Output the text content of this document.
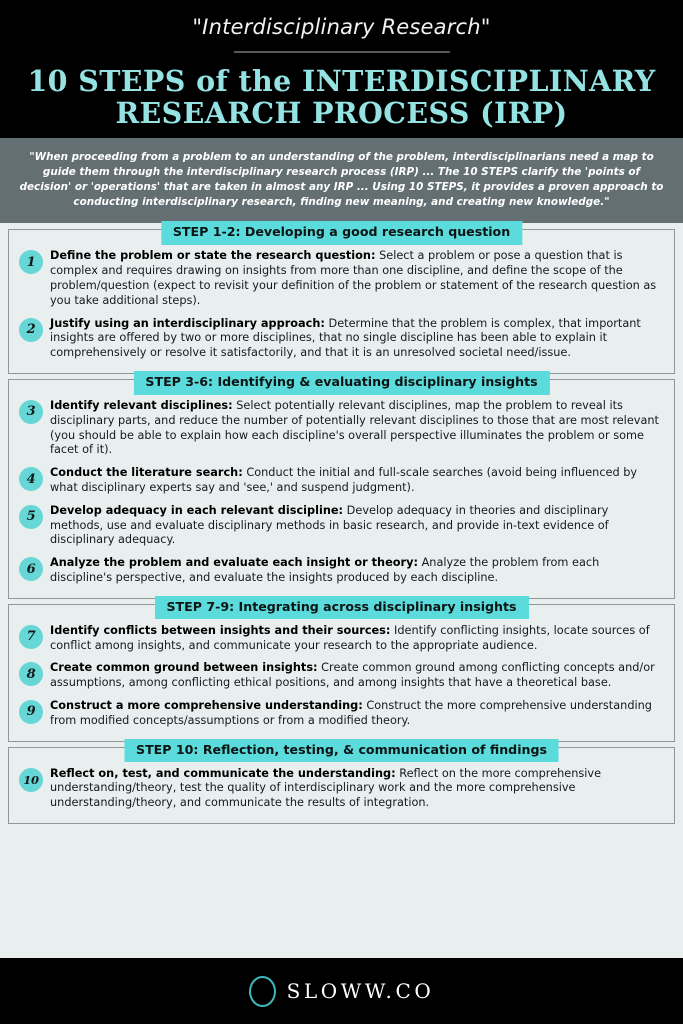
"Interdisciplinary Research"
10 STEPS of the INTERDISCIPLINARY
RESEARCH PROCESS (IRP)
"When proceeding from a problem to an understanding of the problem, interdisciplinarians need a map to guide them through the interdisciplinary research process (IRP) ... The 10 STEPS clarify the 'points of decision' or 'operations' that are taken in almost any IRP ... Using 10 STEPS, it provides a proven approach to conducting interdisciplinary research, finding new meaning, and creating new knowledge."
STEP 1-2: Developing a good research question
1	Define the problem or state the research question: Select a problem or pose a question that is complex and requires drawing on insights from more than one discipline, and define the scope of the problem/question (expect to revisit your definition of the problem or statement of the research question as you take additional steps).
2	Justify using an interdisciplinary approach: Determine that the problem is complex, that important insights are offered by two or more disciplines, that no single discipline has been able to explain it comprehensively or resolve it satisfactorily, and that it is an unresolved societal need/issue.
STEP 3-6: Identifying & evaluating disciplinary insights
3	Identify relevant disciplines: Select potentially relevant disciplines, map the problem to reveal its disciplinary parts, and reduce the number of potentially relevant disciplines to those that are most relevant (you should be able to explain how each discipline's overall perspective illuminates the problem or some facet of it).
4	Conduct the literature search: Conduct the initial and full-scale searches (avoid being influenced by what disciplinary experts say and 'see,' and suspend judgment).
5	Develop adequacy in each relevant discipline: Develop adequacy in theories and disciplinary methods, use and evaluate disciplinary methods in basic research, and provide in-text evidence of disciplinary adequacy.
6	Analyze the problem and evaluate each insight or theory: Analyze the problem from each discipline's perspective, and evaluate the insights produced by each discipline.
STEP 7-9: Integrating across disciplinary insights
7	Identify conflicts between insights and their sources: Identify conflicting insights, locate sources of conflict among insights, and communicate your research to the appropriate audience.
8	Create common ground between insights: Create common ground among conflicting concepts and/or assumptions, among conflicting ethical positions, and among insights that have a theoretical base.
9	Construct a more comprehensive understanding: Construct the more comprehensive understanding from modified concepts/assumptions or from a modified theory.
STEP 10: Reflection, testing, & communication of findings
10 Reflect on, test, and communicate the understanding: Reflect on the more comprehensive understanding/theory, test the quality of interdisciplinary work and the more comprehensive understanding/theory, and communicate the results of integration.
SLOWW.CO
